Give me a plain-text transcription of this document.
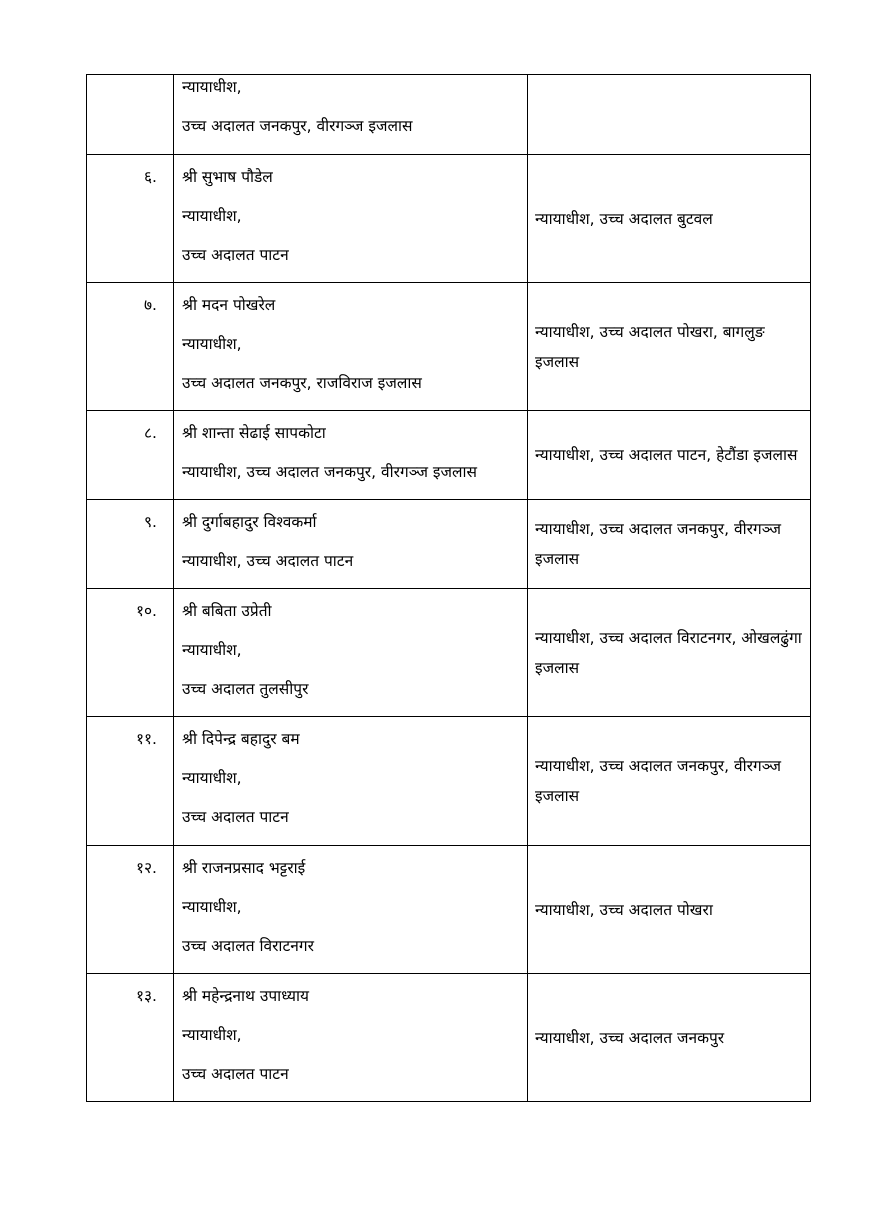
	न्यायाधीश,
उच्च अदालत जनकपुर, वीरगञ्ज इजलास	

६.	श्री सुभाष पौडेल
न्यायाधीश,
उच्च अदालत पाटन	न्यायाधीश, उच्च अदालत बुटवल

७.	श्री मदन पोखरेल
न्यायाधीश,
उच्च अदालत जनकपुर, राजविराज इजलास	न्यायाधीश, उच्च अदालत पोखरा, बागलुङ इजलास

८.	श्री शान्ता सेढाई सापकोटा
न्यायाधीश, उच्च अदालत जनकपुर, वीरगञ्ज इजलास	न्यायाधीश, उच्च अदालत पाटन, हेटौंडा इजलास

९.	श्री दुर्गाबहादुर विश्वकर्मा
न्यायाधीश, उच्च अदालत पाटन	न्यायाधीश, उच्च अदालत जनकपुर, वीरगञ्ज इजलास

१०.	श्री बबिता उप्रेती
न्यायाधीश,
उच्च अदालत तुलसीपुर	न्यायाधीश, उच्च अदालत विराटनगर, ओखलढुंगा  इजलास

११.	श्री दिपेन्द्र बहादुर बम
न्यायाधीश,
उच्च अदालत पाटन	न्यायाधीश, उच्च अदालत जनकपुर, वीरगञ्ज इजलास

१२.	श्री राजनप्रसाद भट्टराई
न्यायाधीश,
उच्च अदालत विराटनगर	न्यायाधीश, उच्च अदालत पोखरा

१३.	श्री महेन्द्रनाथ उपाध्याय
न्यायाधीश,
उच्च अदालत पाटन	न्यायाधीश, उच्च अदालत जनकपुर
